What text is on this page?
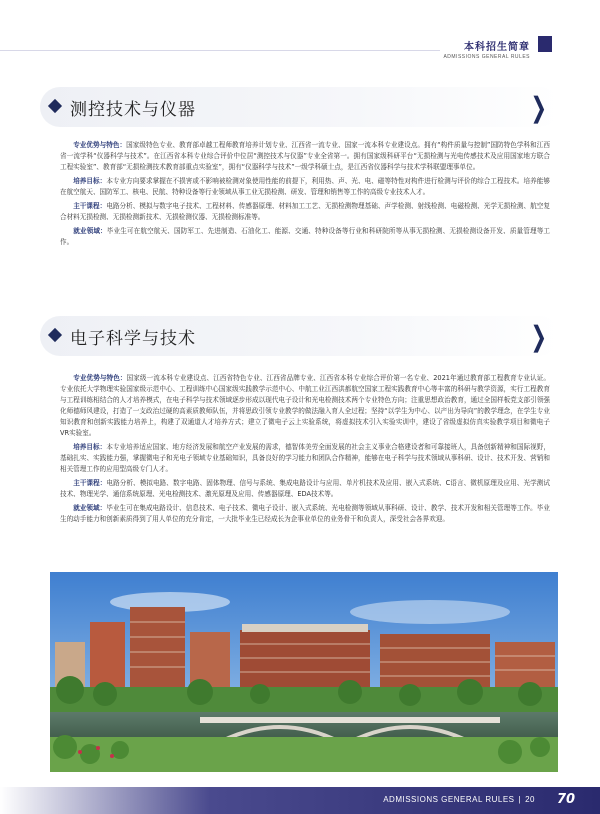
本科招生简章
ADMISSIONS GENERAL RULES
测控技术与仪器	❯

专业优势与特色：国家级特色专业、教育部卓越工程师教育培养计划专业、江西省一流专业、国家一流本科专业建设点。拥有“构件质量与控制”国防特色学科和江西省一流学科“仪器科学与技术”。在江西省本科专业综合评价中位居“测控技术与仪器”专业全省第一。拥有国家级科研平台“无损检测与光电传感技术及应用国家地方联合工程实验室”、教育部“无损检测技术教育部重点实验室”，拥有“仪器科学与技术”一级学科硕士点，是江西省仪器科学与技术学科联盟理事单位。

培养目标：本专业方向要求掌握在不损害或不影响被检测对象使用性能的前提下，利用热、声、光、电、磁等特性对构件进行检测与评价的综合工程技术。培养能够在航空航天、国防军工、核电、民航、特种设备等行业领域从事工业无损检测、研发、管理和销售等工作的高级专业技术人才。

主干课程：电路分析、模拟与数字电子技术、工程材料、传感器原理、材料加工工艺、无损检测物理基础、声学检测、射线检测、电磁检测、光学无损检测、航空复合材料无损检测、无损检测新技术、无损检测仪器、无损检测标准等。

就业领域：毕业生可在航空航天、国防军工、先进制造、石油化工、能源、交通、特种设备等行业和科研院所等从事无损检测、无损检测设备开发、质量管理等工作。

电子科学与技术	❯

专业优势与特色：国家级一流本科专业建设点、江西省特色专业、江西省品牌专业、江西省本科专业综合评价第一名专业、2021年通过教育部工程教育专业认证。专业依托大学物理实验国家级示范中心、工程训练中心国家级实践教学示范中心、中航工业江西洪都航空国家工程实践教育中心等丰富的科研与教学资源，实行工程教育与工程训练相结合的人才培养模式，在电子科学与技术领域逐步形成以现代电子设计和光电检测技术两个专业特色方向；注重思想政治教育，通过全国样板党支部引领强化师德师风建设，打造了一支政治过硬的高素质教师队伍，并将思政引领专业教学的做法融入育人全过程；坚持“以学生为中心、以产出为导向”的教学理念，在学生专业知识教育和创新实践能力培养上，构建了双通道人才培养方式；建立了微电子云上实验系统，将虚拟技术引入实验实训中，建设了省级虚拟仿真实验教学项目和微电子VR实验室。

培养目标：本专业培养适应国家、地方经济发展和航空产业发展的需求，德智体美劳全面发展的社会主义事业合格建设者和可靠接班人，具备创新精神和国际视野，基础扎实、实践能力强，掌握微电子和光电子领域专业基础知识，具备良好的学习能力和团队合作精神，能够在电子科学与技术领域从事科研、设计、技术开发、营销和相关管理工作的应用型高级专门人才。

主干课程：电路分析、模拟电路、数字电路、固体物理、信号与系统、集成电路设计与应用、单片机技术及应用、嵌入式系统、C语言、微机原理及应用、光学测试技术、物理光学、通信系统原理、光电检测技术、激光原理及应用、传感器原理、EDA技术等。

就业领域：毕业生可在集成电路设计、信息技术、电子技术、微电子设计、嵌入式系统、光电检测等领域从事科研、设计、教学、技术开发和相关管理等工作。毕业生的动手能力和创新素质得到了用人单位的充分肯定，一大批毕业生已经成长为企事业单位的业务骨干和负责人，深受社会各界欢迎。

ADMISSIONS GENERAL RULES | 20	70
